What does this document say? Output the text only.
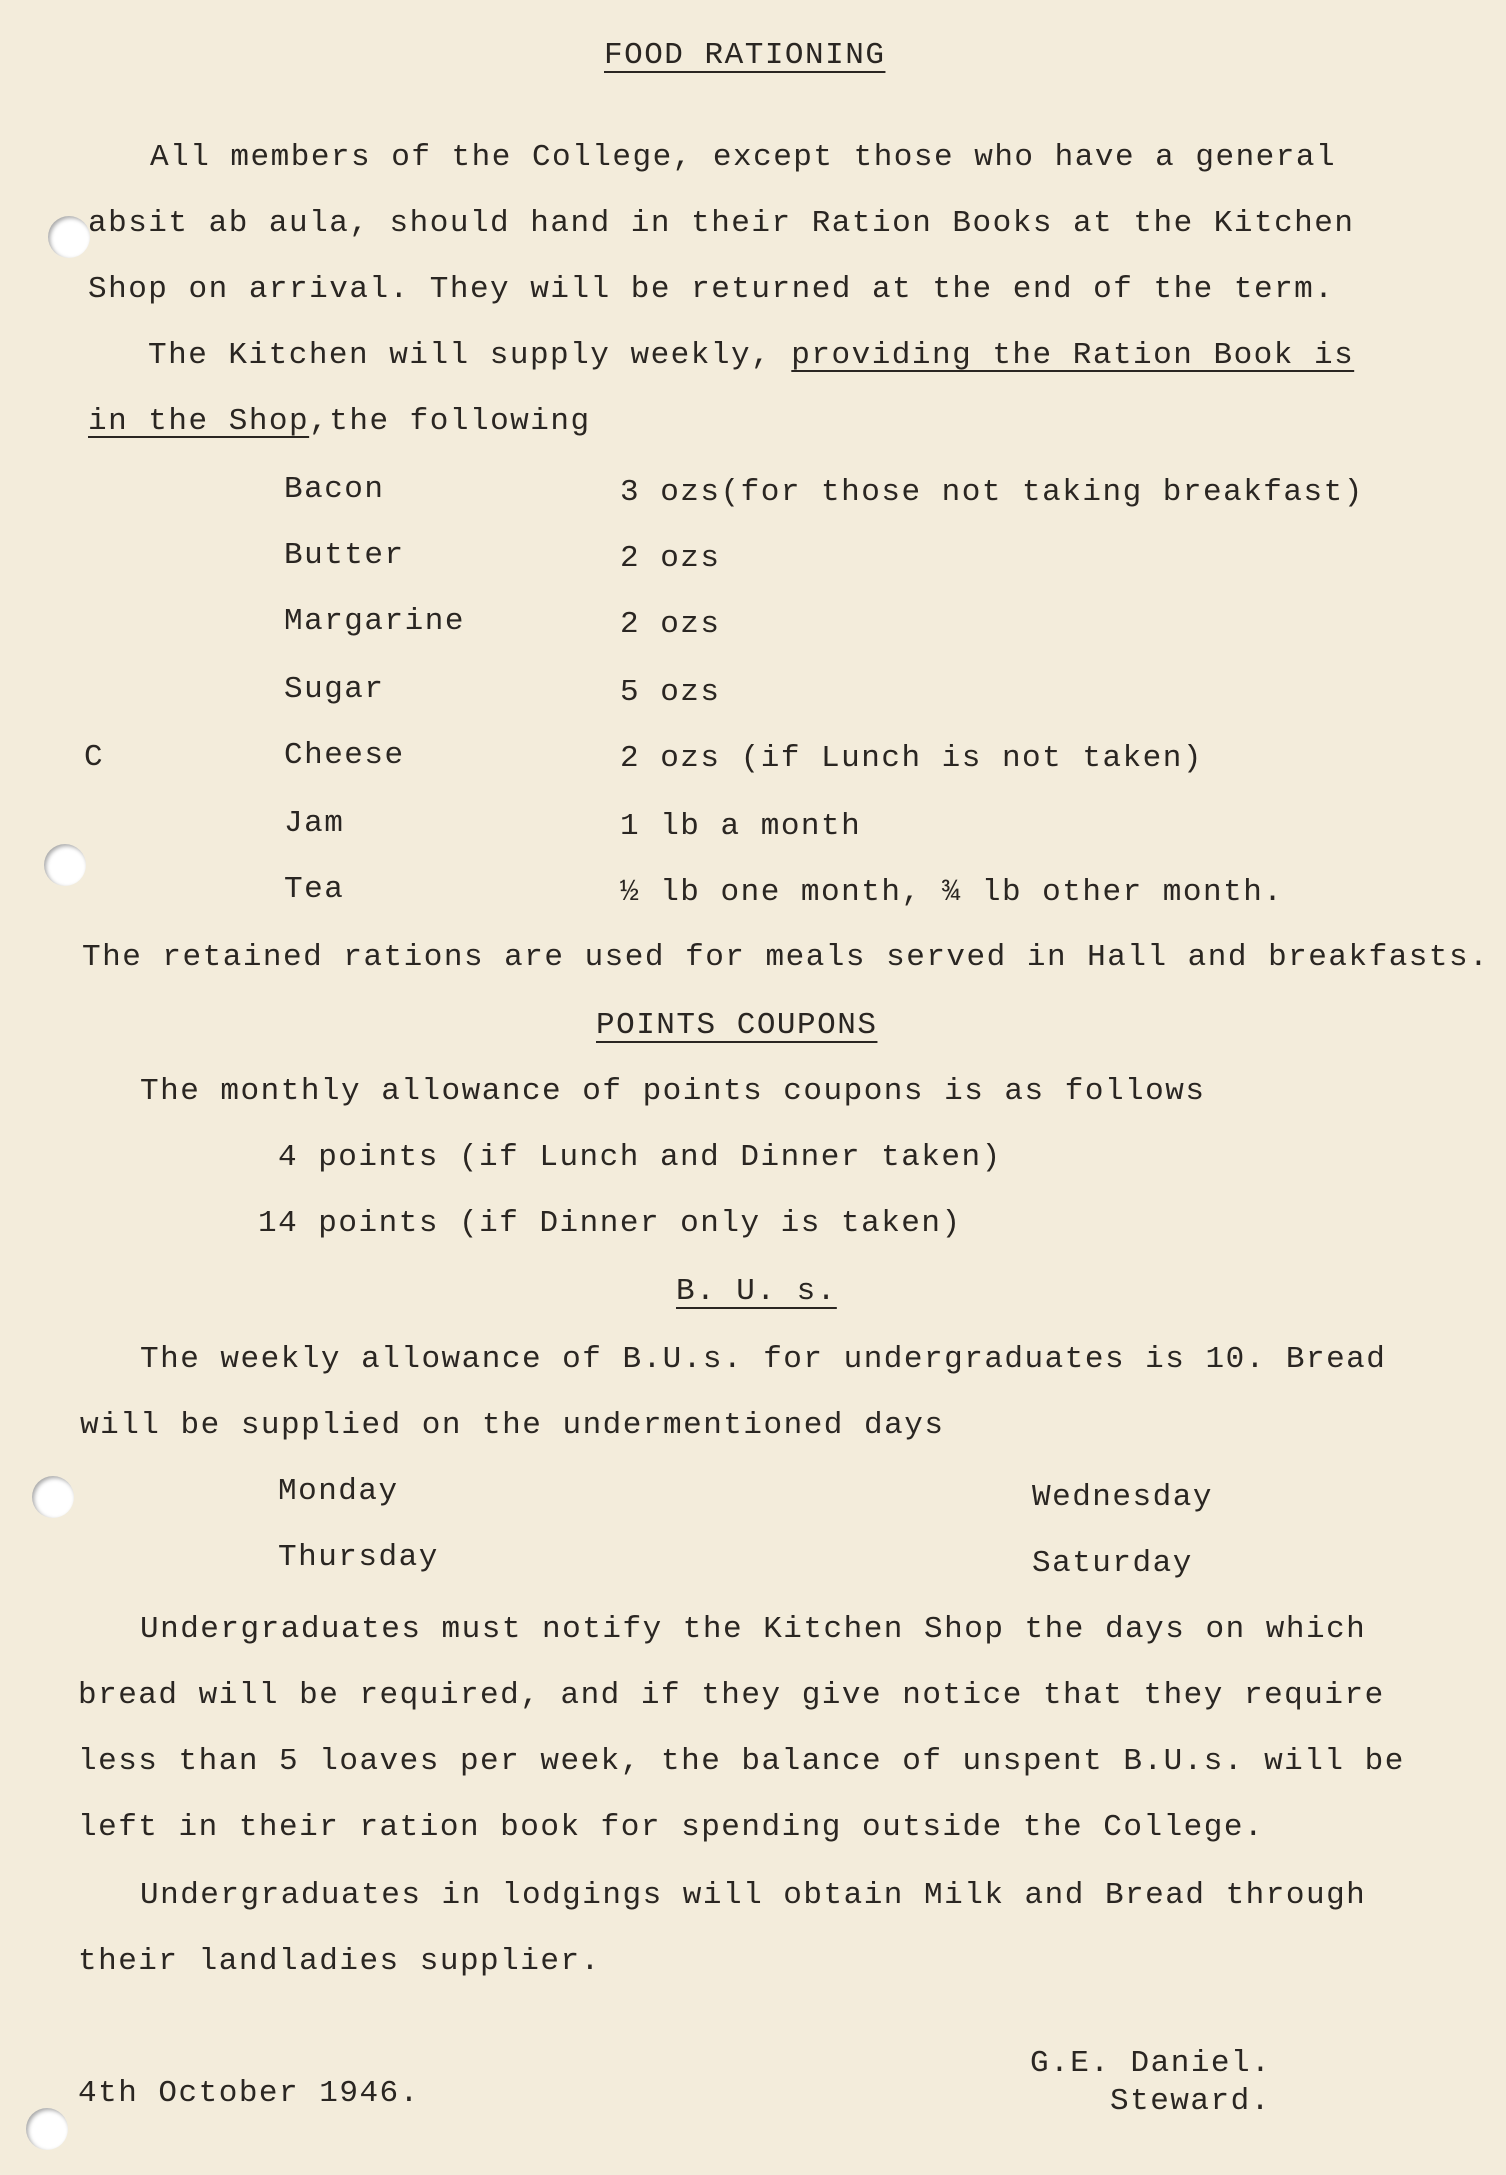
FOOD RATIONING
All members of the College, except those who have a general
absit ab aula, should hand in their Ration Books at the Kitchen
Shop on arrival. They will be returned at the end of the term.
The Kitchen will supply weekly, providing the Ration Book is
in the Shop,the following
C
Bacon	3 ozs(for those not taking breakfast)
Butter	2 ozs
Margarine	2 ozs
Sugar	5 ozs
Cheese	2 ozs (if Lunch is not taken)
Jam	1 lb a month
Tea	½ lb one month, ¾ lb other month.
The retained rations are used for meals served in Hall and breakfasts.
POINTS COUPONS
The monthly allowance of points coupons is as follows
4 points (if Lunch and Dinner taken)
14 points (if Dinner only is taken)
B. U. s.
The weekly allowance of B.U.s. for undergraduates is 10. Bread
will be supplied on the undermentioned days
Monday	Wednesday
Thursday	Saturday
Undergraduates must notify the Kitchen Shop the days on which
bread will be required, and if they give notice that they require
less than 5 loaves per week, the balance of unspent B.U.s. will be
left in their ration book for spending outside the College.
Undergraduates in lodgings will obtain Milk and Bread through
their landladies supplier.
4th October 1946.
G.E. Daniel.
Steward.
